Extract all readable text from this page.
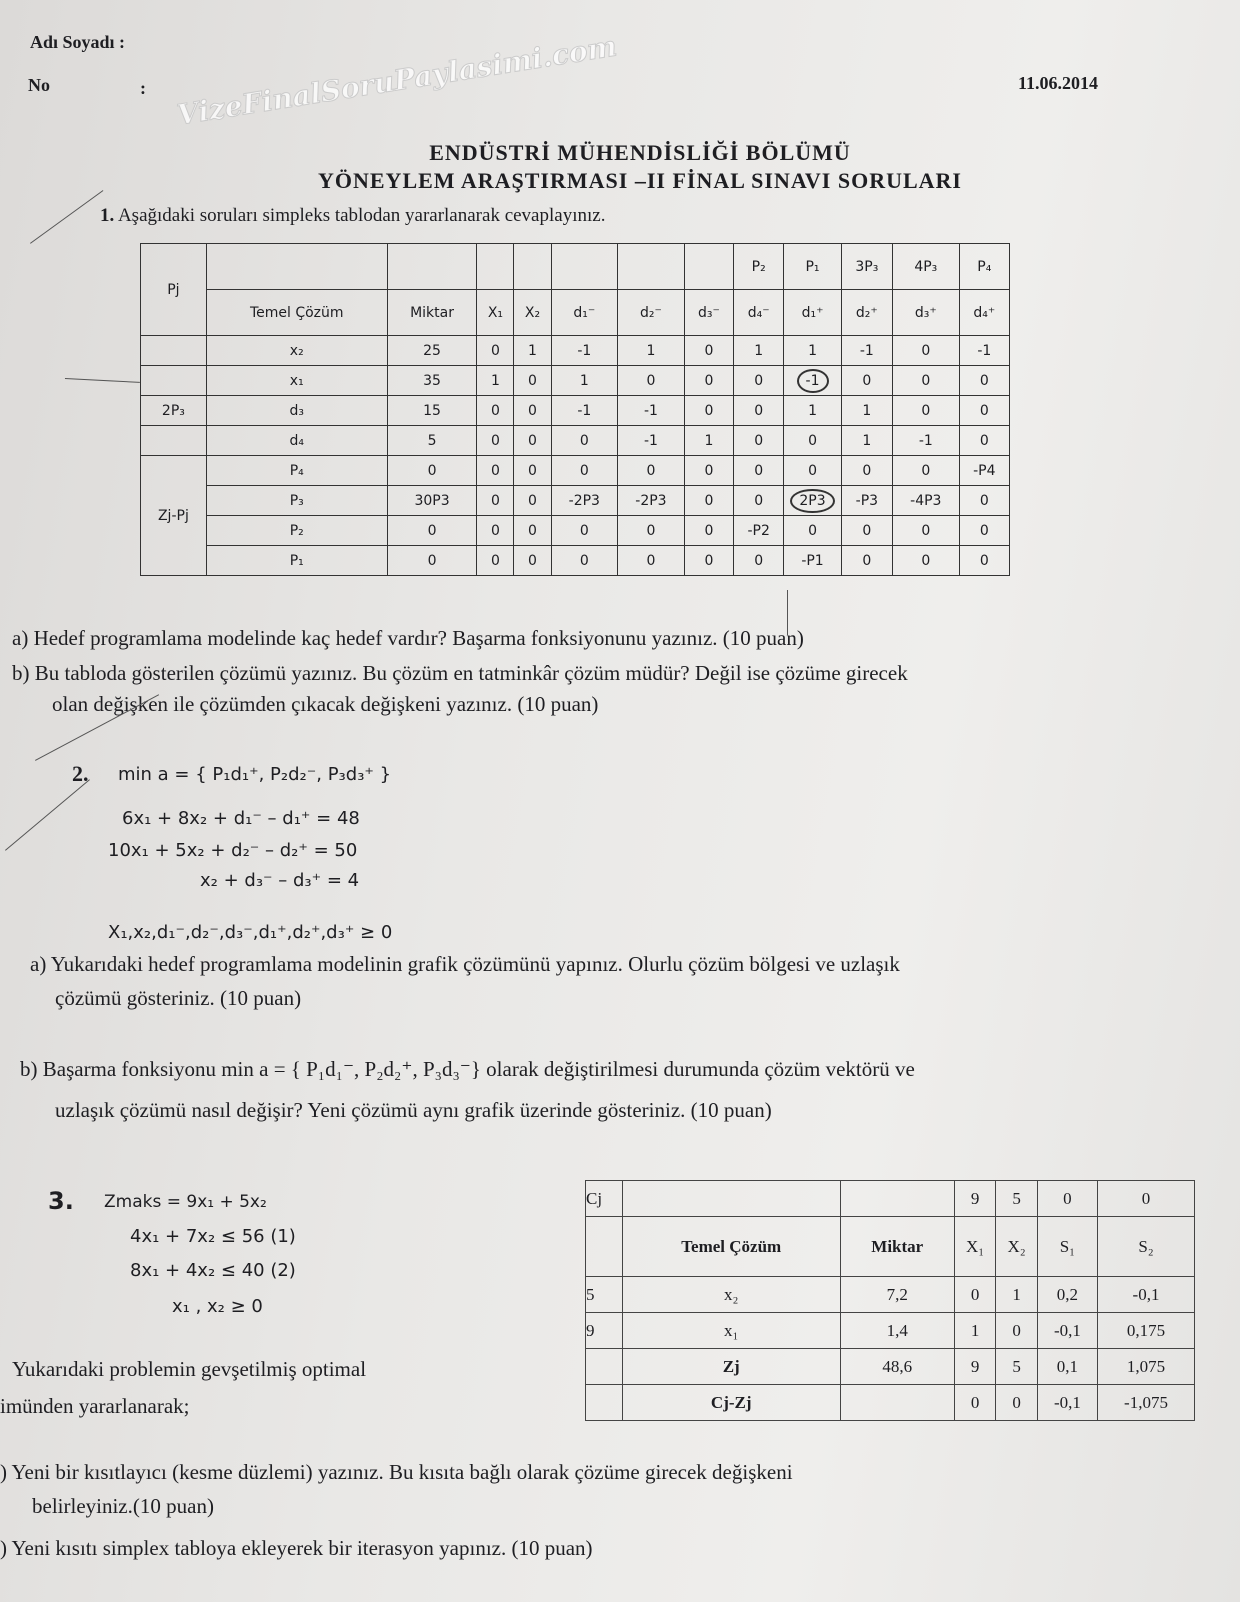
VizeFinalSoruPaylasimi.com
Adı Soyadı :
No	:	11.06.2014
ENDÜSTRİ MÜHENDİSLİĞİ BÖLÜMÜ
YÖNEYLEM ARAŞTIRMASI –II FİNAL SINAVI SORULARI
1. Aşağıdaki soruları simpleks tablodan yararlanarak cevaplayınız.
Pj								P₂	P₁	3P₃	4P₃	P₄
	Temel Çözüm	Miktar	X₁	X₂	d₁⁻	d₂⁻	d₃⁻	d₄⁻	d₁⁺	d₂⁺	d₃⁺	d₄⁺
	x₂	25	0	1	-1	1	0	1	1	-1	0	-1
	x₁	35	1	0	1	0	0	0	-1	0	0	0
2P₃	d₃	15	0	0	-1	-1	0	0	1	1	0	0
	d₄	5	0	0	0	-1	1	0	0	1	-1	0
Zj-Pj	P₄	0	0	0	0	0	0	0	0	0	0	-P4
	P₃	30P3	0	0	-2P3	-2P3	0	0	2P3	-P3	-4P3	0
	P₂	0	0	0	0	0	0	-P2	0	0	0	0
	P₁	0	0	0	0	0	0	0	-P1	0	0	0
a) Hedef programlama modelinde kaç hedef vardır? Başarma fonksiyonunu yazınız. (10 puan)
b) Bu tabloda gösterilen çözümü yazınız. Bu çözüm en tatminkâr çözüm müdür? Değil ise çözüme girecek
olan değişken ile çözümden çıkacak değişkeni yazınız. (10 puan)
2. min a = { P₁d₁⁺, P₂d₂⁻, P₃d₃⁺ }
6x₁ + 8x₂ + d₁⁻ – d₁⁺ = 48
10x₁ + 5x₂ + d₂⁻ – d₂⁺ = 50
x₂ + d₃⁻ – d₃⁺ = 4
X₁,x₂,d₁⁻,d₂⁻,d₃⁻,d₁⁺,d₂⁺,d₃⁺ ≥ 0
a) Yukarıdaki hedef programlama modelinin grafik çözümünü yapınız. Olurlu çözüm bölgesi ve uzlaşık
çözümü gösteriniz. (10 puan)
b) Başarma fonksiyonu min a = { P₁d₁⁻, P₂d₂⁺, P₃d₃⁻} olarak değiştirilmesi durumunda çözüm vektörü ve
uzlaşık çözümü nasıl değişir? Yeni çözümü aynı grafik üzerinde gösteriniz. (10 puan)
3. Zmaks = 9x₁ + 5x₂
4x₁ + 7x₂ ≤ 56 (1)
8x₁ + 4x₂ ≤ 40 (2)
x₁ , x₂ ≥ 0
Yukarıdaki problemin gevşetilmiş optimal
imünden yararlanarak;
Cj			9	5	0	0
	Temel Çözüm	Miktar	X₁	X₂	S₁	S₂
5	x₂	7,2	0	1	0,2	-0,1
9	x₁	1,4	1	0	-0,1	0,175
	Zj	48,6	9	5	0,1	1,075
	Cj-Zj		0	0	-0,1	-1,075
) Yeni bir kısıtlayıcı (kesme düzlemi) yazınız. Bu kısıta bağlı olarak çözüme girecek değişkeni
belirleyiniz.(10 puan)
) Yeni kısıtı simplex tabloya ekleyerek bir iterasyon yapınız. (10 puan)
